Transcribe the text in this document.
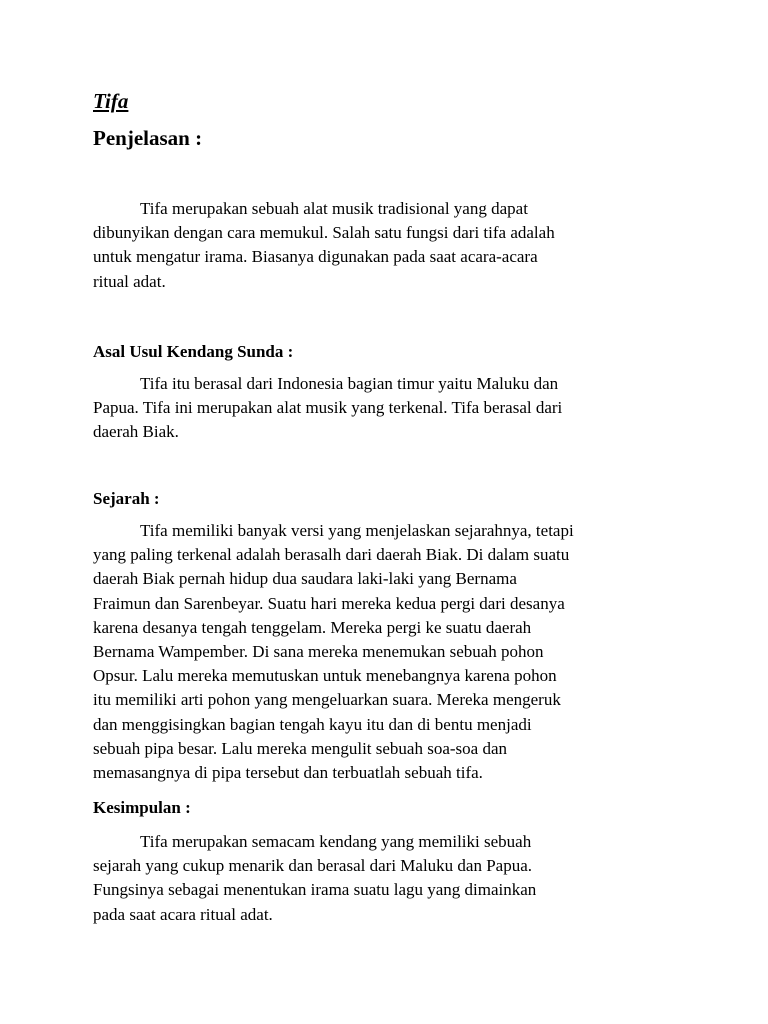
Tifa
Penjelasan :

Tifa merupakan sebuah alat musik tradisional yang dapat
dibunyikan dengan cara memukul. Salah satu fungsi dari tifa adalah
untuk mengatur irama. Biasanya digunakan pada saat acara-acara
ritual adat.

Asal Usul Kendang Sunda :

Tifa itu berasal dari Indonesia bagian timur yaitu Maluku dan
Papua. Tifa ini merupakan alat musik yang terkenal. Tifa berasal dari
daerah Biak.

Sejarah :

Tifa memiliki banyak versi yang menjelaskan sejarahnya, tetapi
yang paling terkenal adalah berasalh dari daerah Biak. Di dalam suatu
daerah Biak pernah hidup dua saudara laki-laki yang Bernama
Fraimun dan Sarenbeyar. Suatu hari mereka kedua pergi dari desanya
karena desanya tengah tenggelam. Mereka pergi ke suatu daerah
Bernama Wampember. Di sana mereka menemukan sebuah pohon
Opsur. Lalu mereka memutuskan untuk menebangnya karena pohon
itu memiliki arti pohon yang mengeluarkan suara. Mereka mengeruk
dan menggisingkan bagian tengah kayu itu dan di bentu menjadi
sebuah pipa besar. Lalu mereka mengulit sebuah soa-soa dan
memasangnya di pipa tersebut dan terbuatlah sebuah tifa.

Kesimpulan :

Tifa merupakan semacam kendang yang memiliki sebuah
sejarah yang cukup menarik dan berasal dari Maluku dan Papua.
Fungsinya sebagai menentukan irama suatu lagu yang dimainkan
pada saat acara ritual adat.
